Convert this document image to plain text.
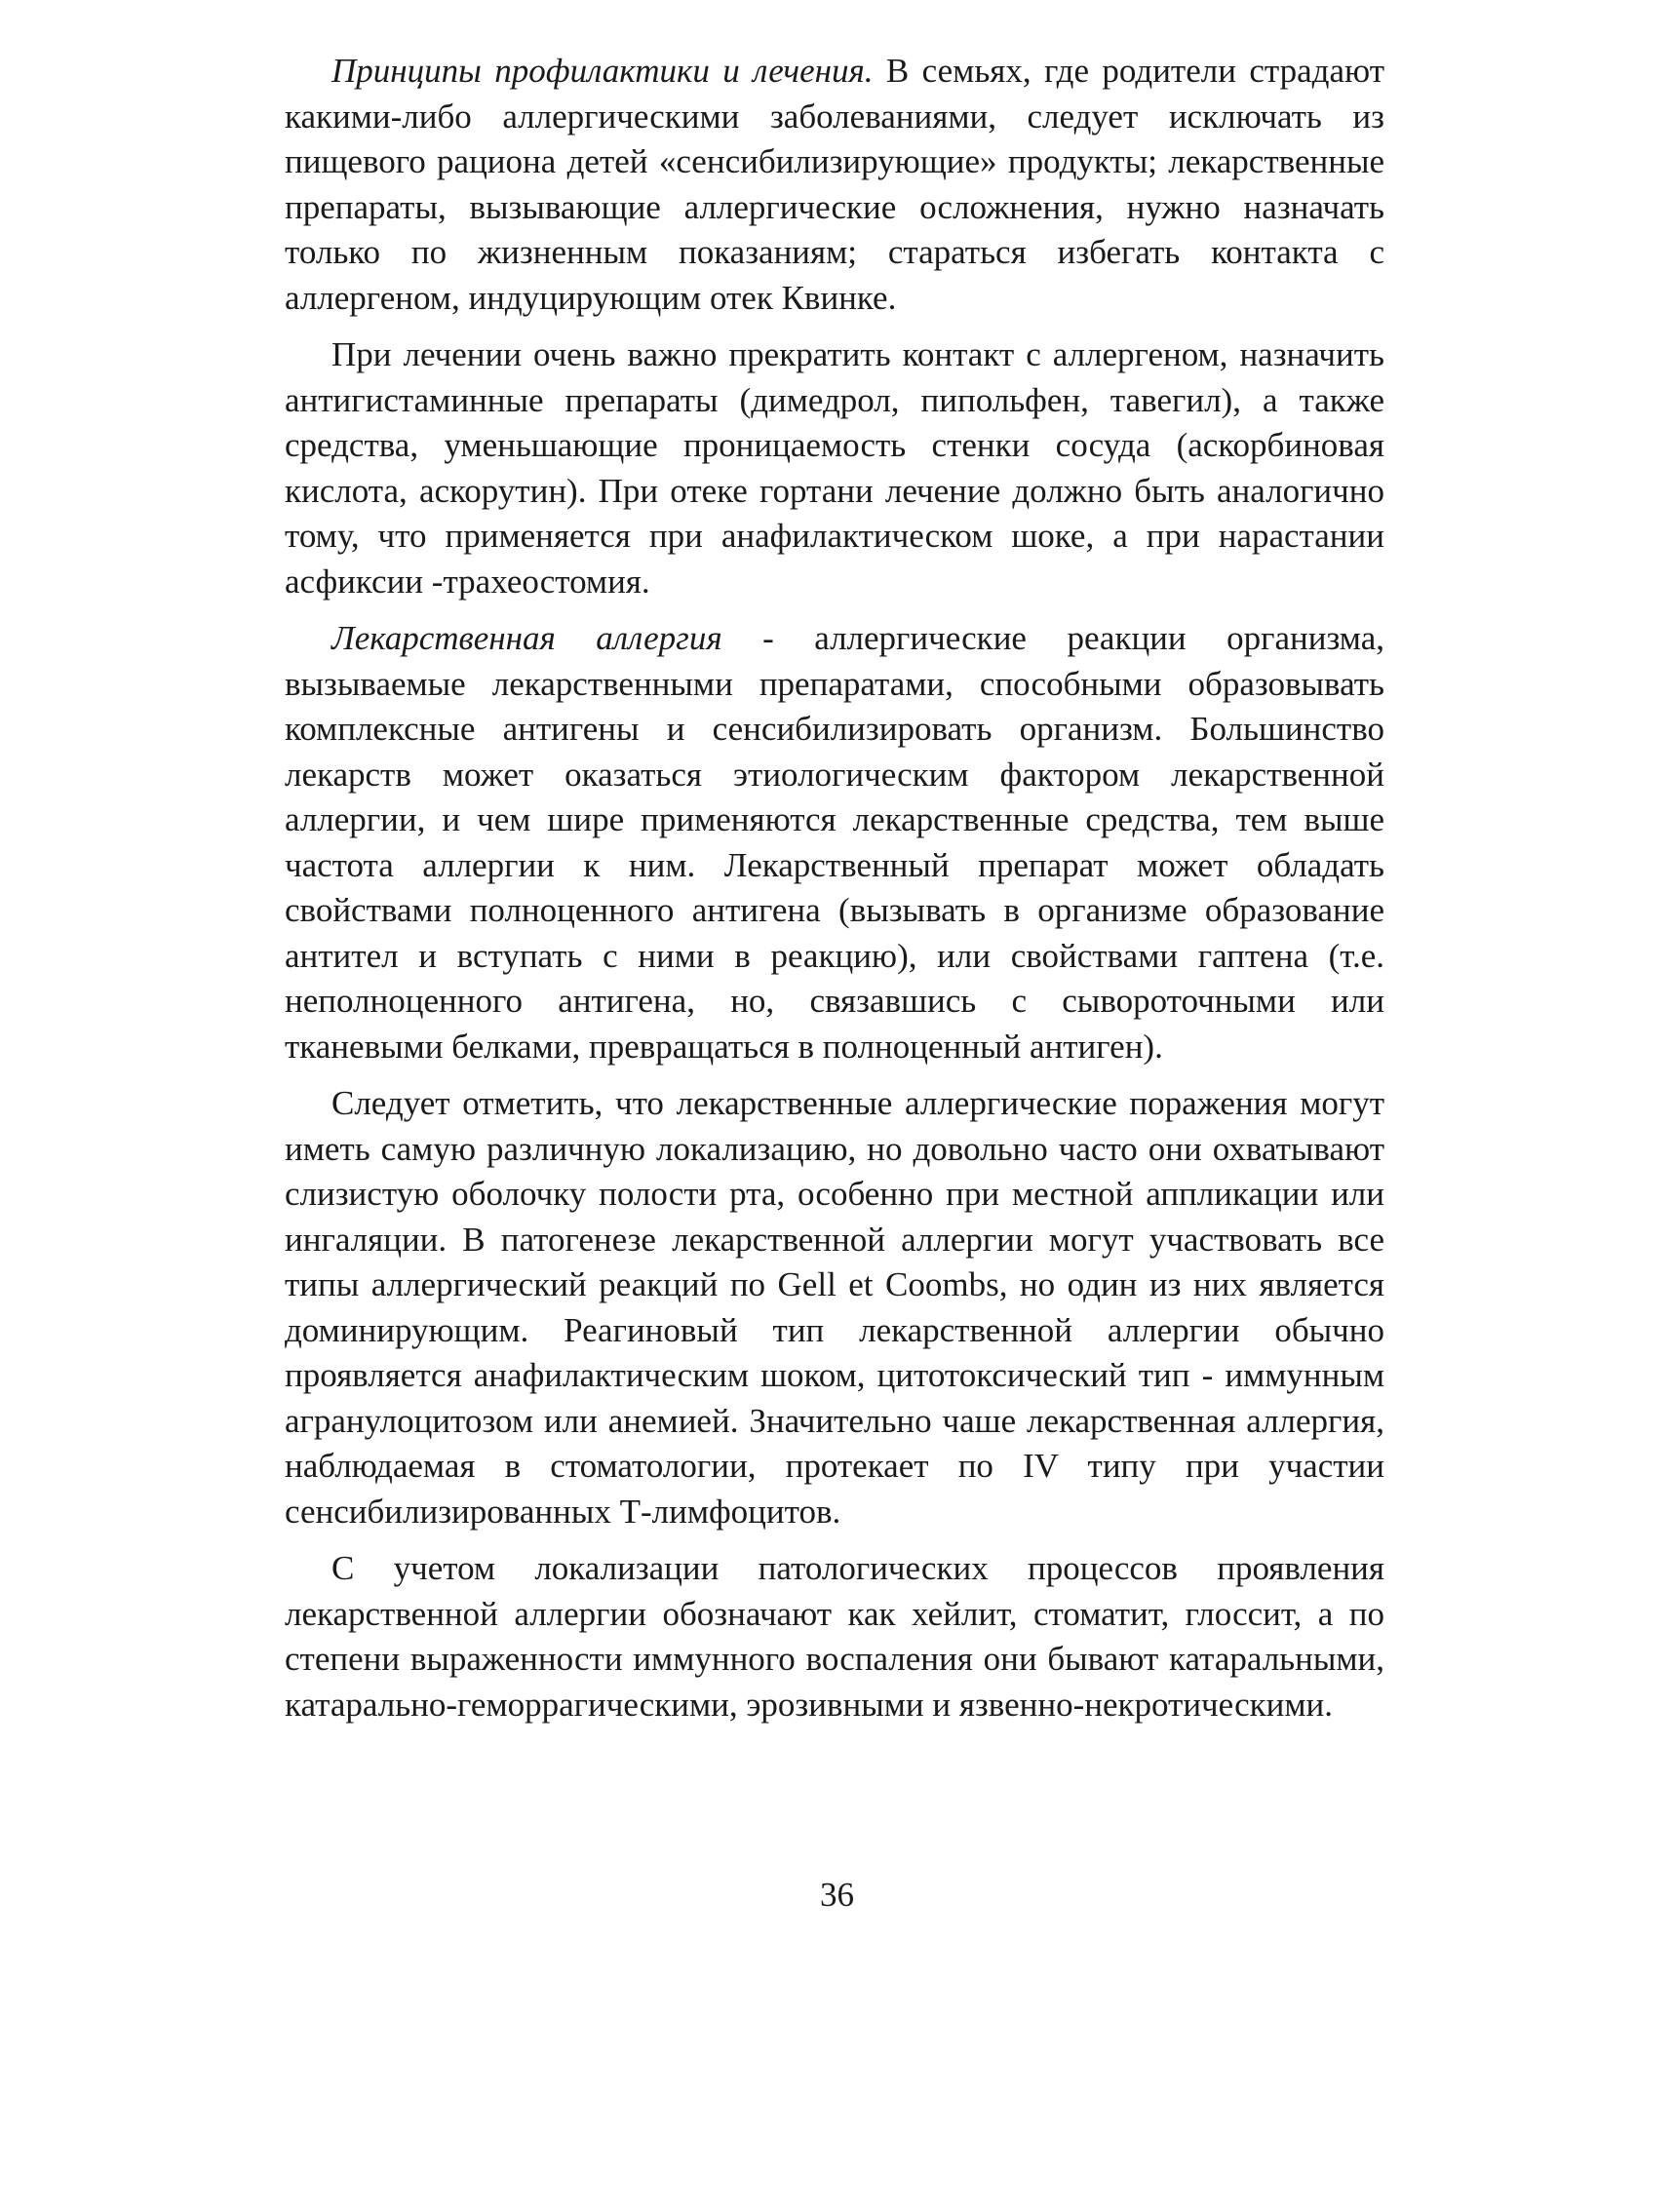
Принципы профилактики и лечения. В семьях, где родители страдают какими-либо аллергическими заболеваниями, следует исключать из пищевого рациона детей «сенсибилизирующие» продукты; лекарственные препараты, вызывающие аллергические осложнения, нужно назначать только по жизненным показаниям; стараться избегать контакта с аллергеном, индуцирующим отек Квинке.

При лечении очень важно прекратить контакт с аллергеном, назначить антигистаминные препараты (димедрол, пипольфен, тавегил), а также средства, уменьшающие проницаемость стенки сосуда (аскорбиновая кислота, аскорутин). При отеке гортани лечение должно быть аналогично тому, что применяется при анафилактическом шоке, а при нарастании асфиксии -трахеостомия.

Лекарственная аллергия - аллергические реакции организма, вызываемые лекарственными препаратами, способными образовывать комплексные антигены и сенсибилизировать организм. Большинство лекарств может оказаться этиологическим фактором лекарственной аллергии, и чем шире применяются лекарственные средства, тем выше частота аллергии к ним. Лекарственный препарат может обладать свойствами полноценного антигена (вызывать в организме образование антител и вступать с ними в реакцию), или свойствами гаптена (т.е. неполноценного антигена, но, связавшись с сывороточными или тканевыми белками, превращаться в полноценный антиген).

Следует отметить, что лекарственные аллергические поражения могут иметь самую различную локализацию, но довольно часто они охватывают слизистую оболочку полости рта, особенно при местной аппликации или ингаляции. В патогенезе лекарственной аллергии могут участвовать все типы аллергический реакций по Gell et Coombs, но один из них является доминирующим. Реагиновый тип лекарственной аллергии обычно проявляется анафилактическим шоком, цитотоксический тип - иммунным агранулоцитозом или анемией. Значительно чаше лекарственная аллергия, наблюдаемая в стоматологии, протекает по IV типу при участии сенсибилизированных Т-лимфоцитов.

С учетом локализации патологических процессов проявления лекарственной аллергии обозначают как хейлит, стоматит, глоссит, а по степени выраженности иммунного воспаления они бывают катаральными, катарально-геморрагическими, эрозивными и язвенно-некротическими.

36
